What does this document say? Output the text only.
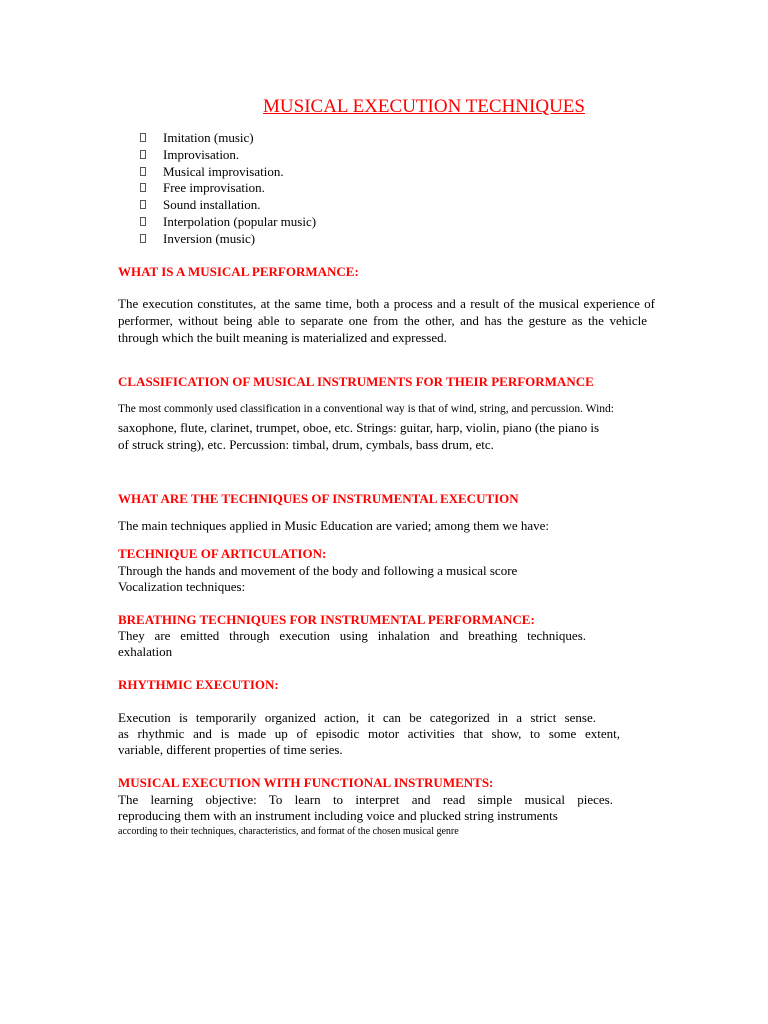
MUSICAL EXECUTION TECHNIQUES
Imitation (music)
Improvisation.
Musical improvisation.
Free improvisation.
Sound installation.
Interpolation (popular music)
Inversion (music)
WHAT IS A MUSICAL PERFORMANCE:
The execution constitutes, at the same time, both a process and a result of the musical experience of
performer, without being able to separate one from the other, and has the gesture as the vehicle
through which the built meaning is materialized and expressed.
CLASSIFICATION OF MUSICAL INSTRUMENTS FOR THEIR PERFORMANCE
The most commonly used classification in a conventional way is that of wind, string, and percussion. Wind:
saxophone, flute, clarinet, trumpet, oboe, etc. Strings: guitar, harp, violin, piano (the piano is
of struck string), etc. Percussion: timbal, drum, cymbals, bass drum, etc.
WHAT ARE THE TECHNIQUES OF INSTRUMENTAL EXECUTION
The main techniques applied in Music Education are varied; among them we have:
TECHNIQUE OF ARTICULATION:
Through the hands and movement of the body and following a musical score
Vocalization techniques:
BREATHING TECHNIQUES FOR INSTRUMENTAL PERFORMANCE:
They are emitted through execution using inhalation and breathing techniques.
exhalation
RHYTHMIC EXECUTION:
Execution is temporarily organized action, it can be categorized in a strict sense.
as rhythmic and is made up of episodic motor activities that show, to some extent,
variable, different properties of time series.
MUSICAL EXECUTION WITH FUNCTIONAL INSTRUMENTS:
The learning objective: To learn to interpret and read simple musical pieces.
reproducing them with an instrument including voice and plucked string instruments
according to their techniques, characteristics, and format of the chosen musical genre
